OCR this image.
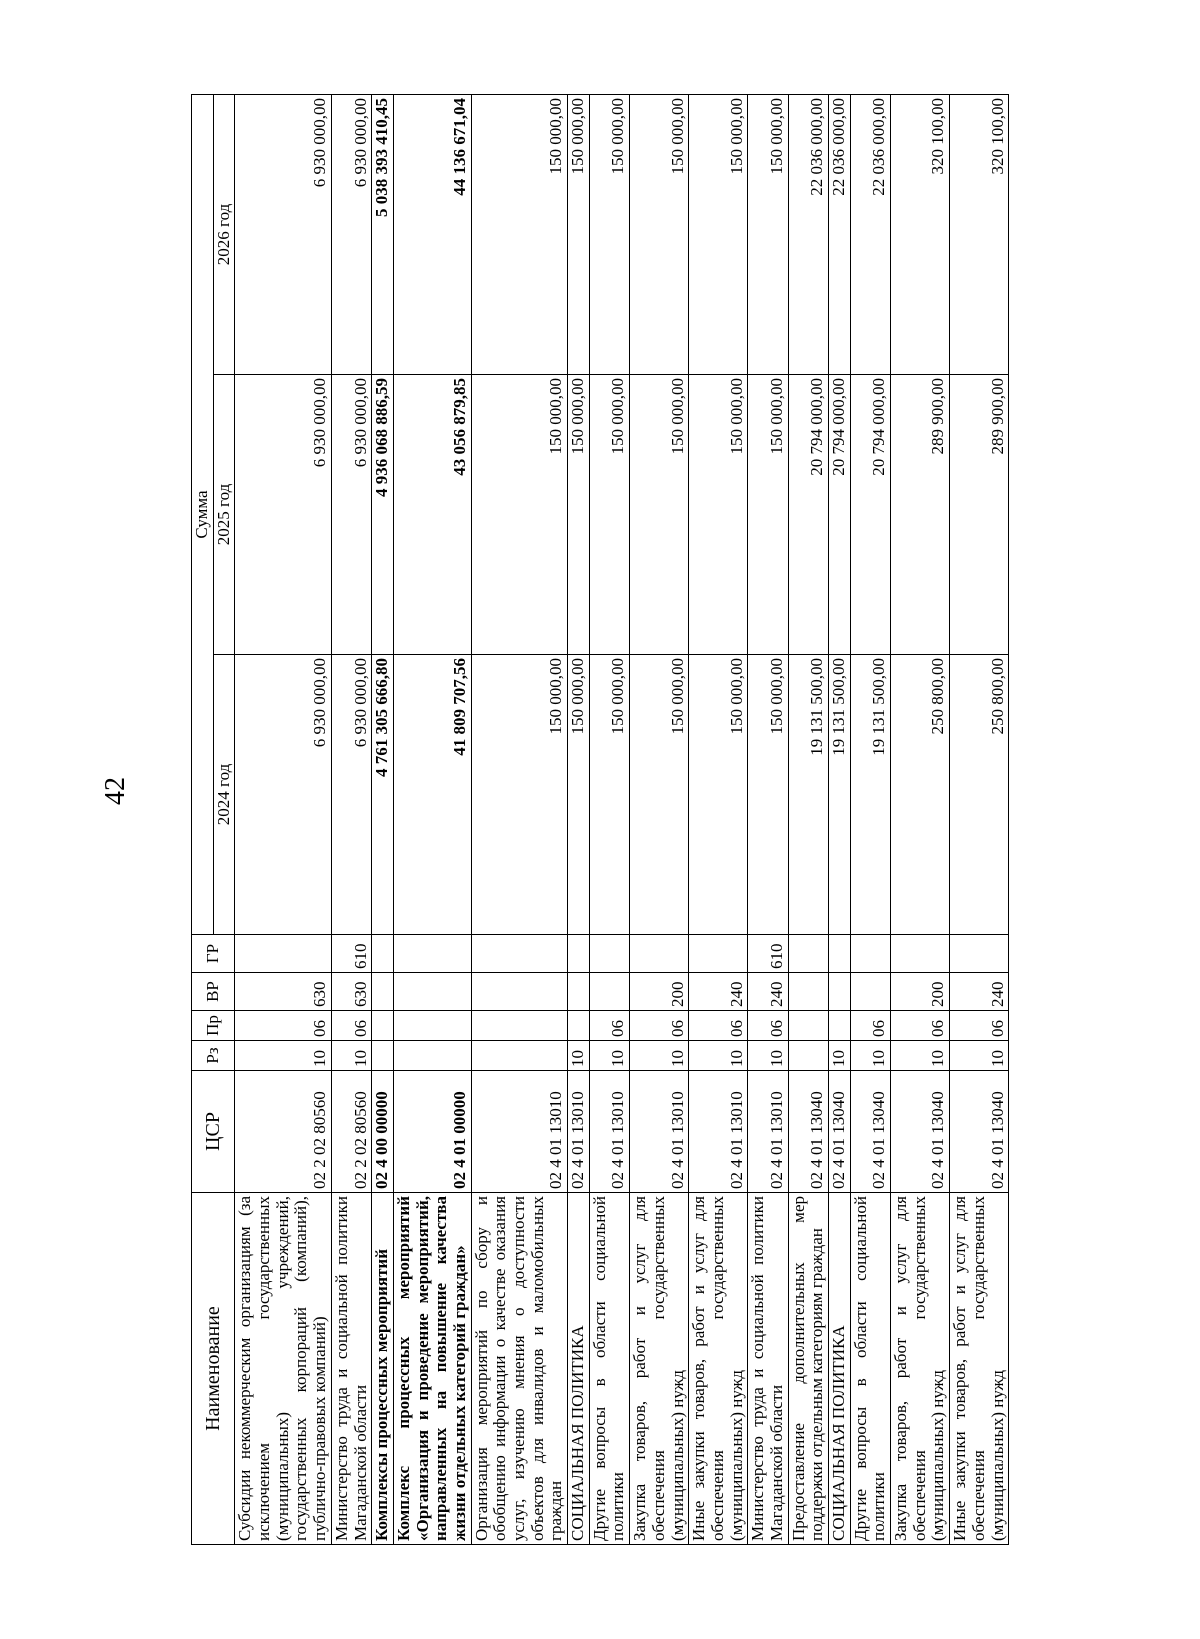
42
Наименование	ЦСР	Рз	Пр	ВР	ГР	Сумма		
						2024 год	2025 год	2026 год
Субсидии некоммерческим организациям (за исключением государственных (муниципальных) учреждений, государственных корпораций (компаний), публично-правовых компаний)	02 2 02 80560	10	06	630		6 930 000,00	6 930 000,00	6 930 000,00
Министерство труда и социальной политики Магаданской области	02 2 02 80560	10	06	630	610	6 930 000,00	6 930 000,00	6 930 000,00
Комплексы процессных мероприятий	02 4 00 00000					4 761 305 666,80	4 936 068 886,59	5 038 393 410,45
Комплекс процессных мероприятий «Организация и проведение мероприятий, направленных на повышение качества жизни отдельных категорий граждан»	02 4 01 00000					41 809 707,56	43 056 879,85	44 136 671,04
Организация мероприятий по сбору и обобщению информации о качестве оказания услуг, изучению мнения о доступности объектов для инвалидов и маломобильных граждан	02 4 01 13010					150 000,00	150 000,00	150 000,00
СОЦИАЛЬНАЯ ПОЛИТИКА	02 4 01 13010	10				150 000,00	150 000,00	150 000,00
Другие вопросы в области социальной политики	02 4 01 13010	10	06			150 000,00	150 000,00	150 000,00
Закупка товаров, работ и услуг для обеспечения государственных (муниципальных) нужд	02 4 01 13010	10	06	200		150 000,00	150 000,00	150 000,00
Иные закупки товаров, работ и услуг для обеспечения государственных (муниципальных) нужд	02 4 01 13010	10	06	240		150 000,00	150 000,00	150 000,00
Министерство труда и социальной политики Магаданской области	02 4 01 13010	10	06	240	610	150 000,00	150 000,00	150 000,00
Предоставление дополнительных мер поддержки отдельным категориям граждан	02 4 01 13040					19 131 500,00	20 794 000,00	22 036 000,00
СОЦИАЛЬНАЯ ПОЛИТИКА	02 4 01 13040	10				19 131 500,00	20 794 000,00	22 036 000,00
Другие вопросы в области социальной политики	02 4 01 13040	10	06			19 131 500,00	20 794 000,00	22 036 000,00
Закупка товаров, работ и услуг для обеспечения государственных (муниципальных) нужд	02 4 01 13040	10	06	200		250 800,00	289 900,00	320 100,00
Иные закупки товаров, работ и услуг для обеспечения государственных (муниципальных) нужд	02 4 01 13040	10	06	240		250 800,00	289 900,00	320 100,00
